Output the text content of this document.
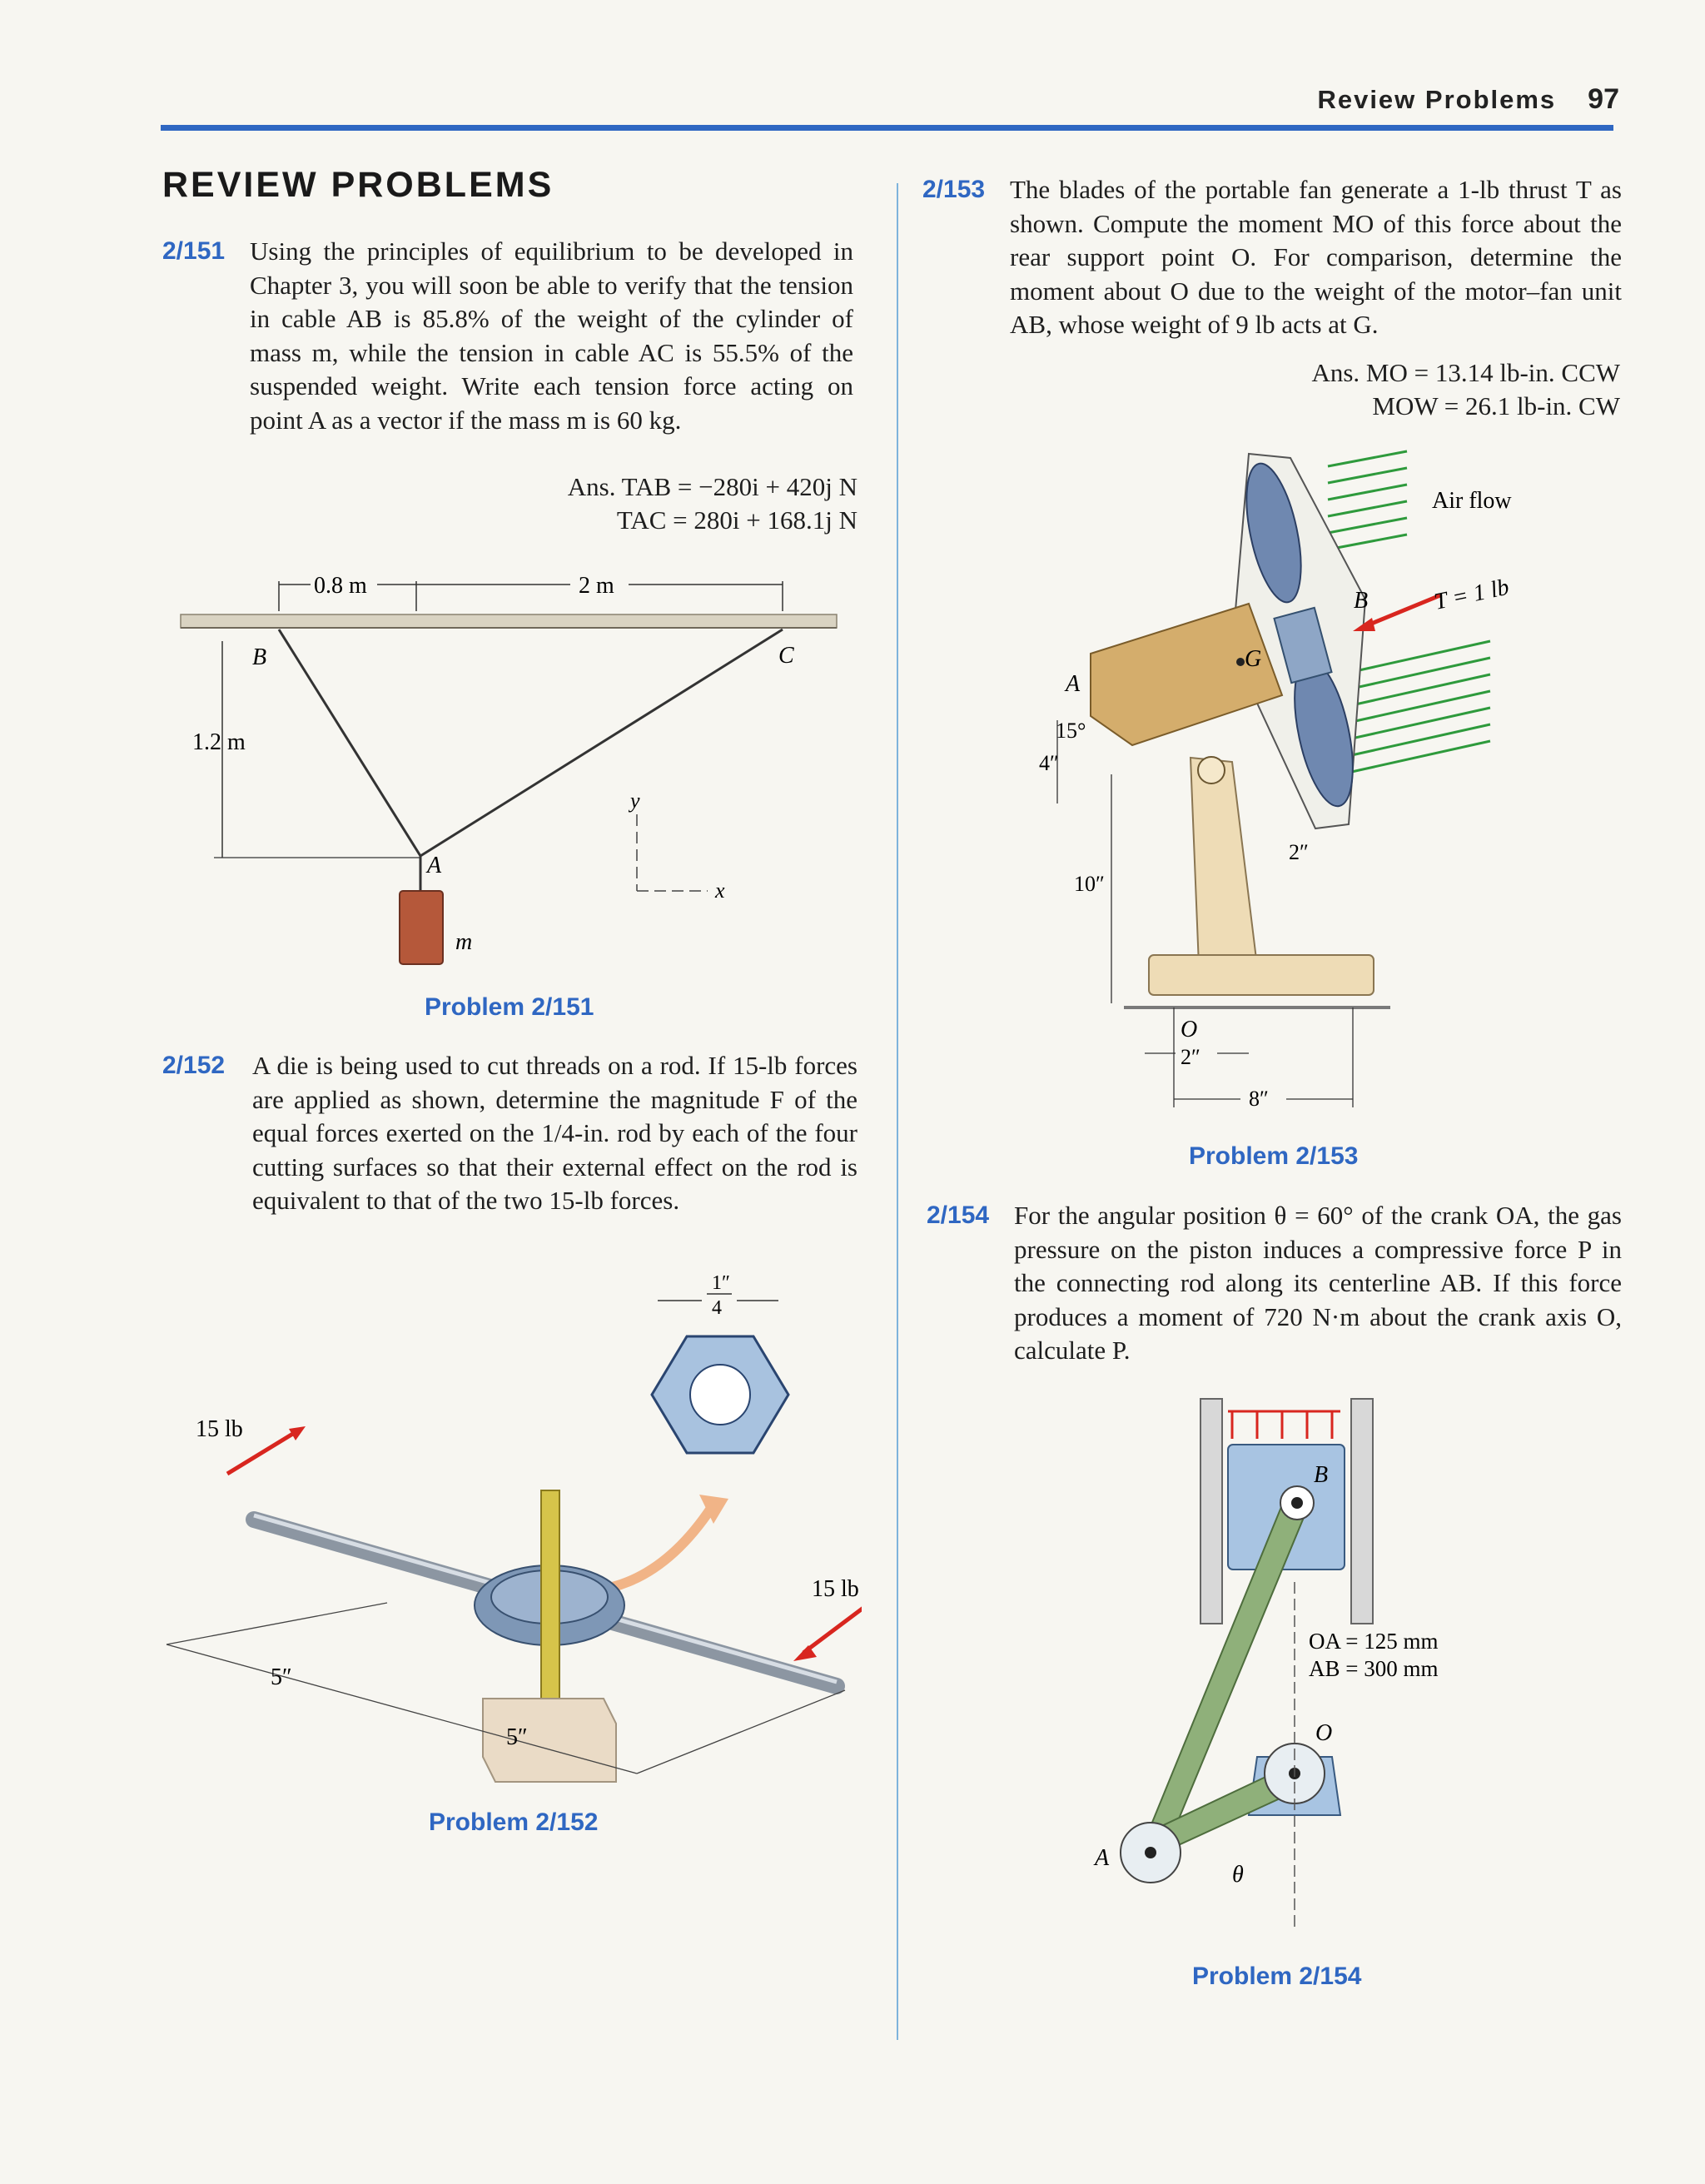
Review Problems 97
REVIEW PROBLEMS
2/151 Using the principles of equilibrium to be developed in Chapter 3, you will soon be able to verify that the tension in cable AB is 85.8% of the weight of the cylinder of mass m, while the tension in cable AC is 55.5% of the suspended weight. Write each tension force acting on point A as a vector if the mass m is 60 kg.
Ans. TAB = −280i + 420j N
TAC = 280i + 168.1j N
0.8 m	2 m
1.2 m
B	C
A
m
y
x
Problem 2/151
2/152 A die is being used to cut threads on a rod. If 15-lb forces are applied as shown, determine the magnitude F of the equal forces exerted on the 1/4-in. rod by each of the four cutting surfaces so that their external effect on the rod is equivalent to that of the two 15-lb forces.
1″
4
15 lb
15 lb
5″
5″
Problem 2/152
2/153 The blades of the portable fan generate a 1-lb thrust T as shown. Compute the moment MO of this force about the rear support point O. For comparison, determine the moment about O due to the weight of the motor–fan unit AB, whose weight of 9 lb acts at G.
Ans. MO = 13.14 lb-in. CCW
MOW = 26.1 lb-in. CW
Air flow
G
B
A
T = 1 lb
15°
4″
10″
2″
O
2″
8″
Problem 2/153
2/154 For the angular position θ = 60° of the crank OA, the gas pressure on the piston induces a compressive force P in the connecting rod along its centerline AB. If this force produces a moment of 720 N·m about the crank axis O, calculate P.
B
OA = 125 mm
AB = 300 mm
O
A
θ
Problem 2/154
